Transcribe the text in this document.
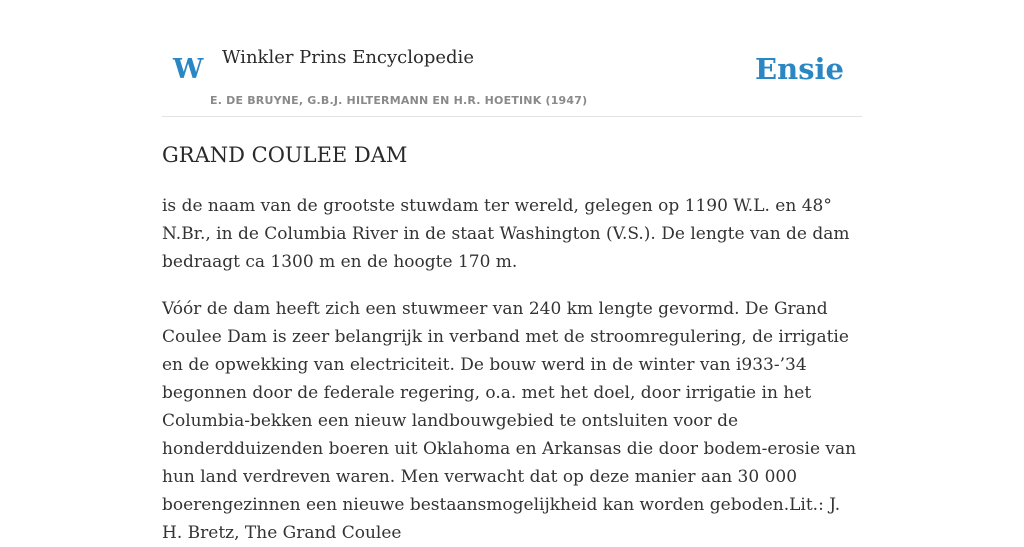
W Winkler Prins Encyclopedie
E. DE BRUYNE, G.B.J. HILTERMANN EN H.R. HOETINK (1947)
Ensie
GRAND COULEE DAM

is de naam van de grootste stuwdam ter wereld, gelegen op 1190 W.L. en 48° N.Br., in de Columbia River in de staat Washington (V.S.). De lengte van de dam bedraagt ca 1300 m en de hoogte 170 m.

Vóór de dam heeft zich een stuwmeer van 240 km lengte gevormd. De Grand Coulee Dam is zeer belangrijk in verband met de stroomregulering, de irrigatie en de opwekking van electriciteit. De bouw werd in de winter van i933-’34 begonnen door de federale regering, o.a. met het doel, door irrigatie in het Columbia-bekken een nieuw landbouwgebied te ontsluiten voor de honderdduizenden boeren uit Oklahoma en Arkansas die door bodem-erosie van hun land verdreven waren. Men verwacht dat op deze manier aan 30 000 boerengezinnen een nieuwe bestaansmogelijkheid kan worden geboden.Lit.: J. H. Bretz, The Grand Coulee
